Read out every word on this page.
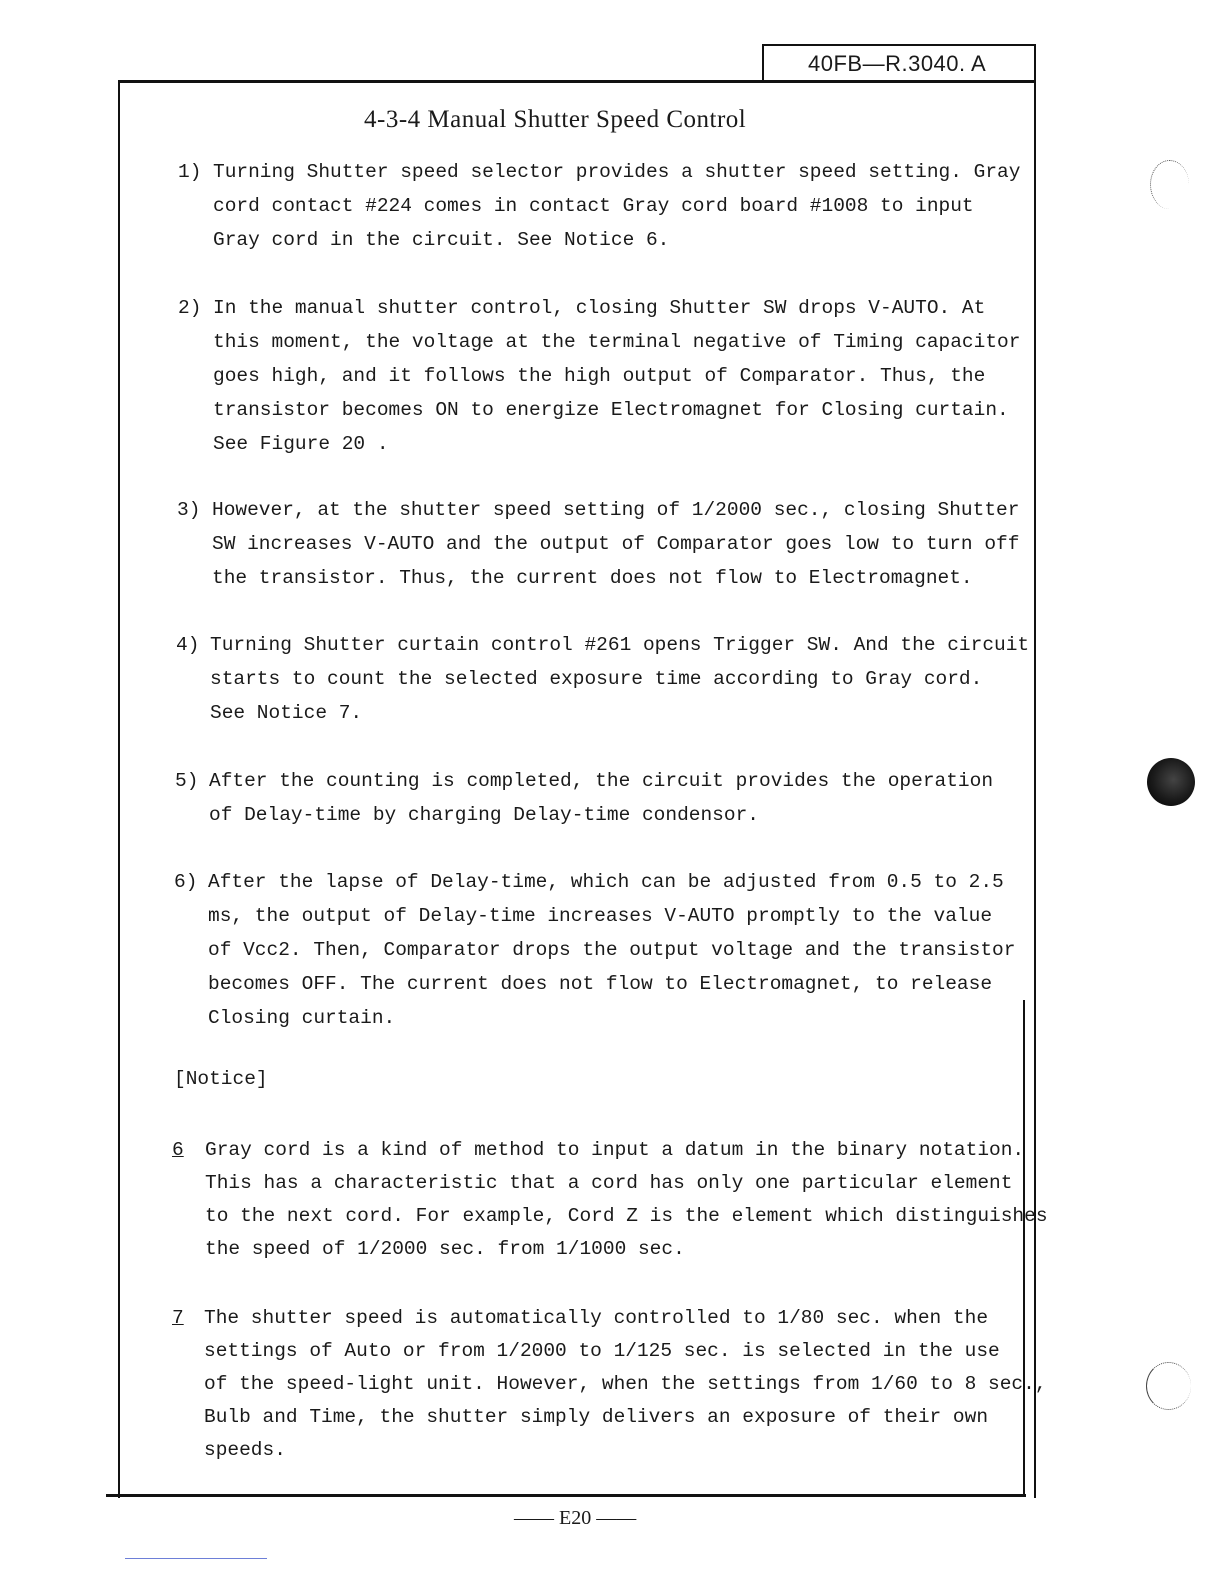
40FB—R.3040. A
4-3-4 Manual Shutter Speed Control
1) Turning Shutter speed selector provides a shutter speed setting. Gray
cord contact #224 comes in contact Gray cord board #1008 to input
Gray cord in the circuit. See Notice 6.
2) In the manual shutter control, closing Shutter SW drops V-AUTO. At
this moment, the voltage at the terminal negative of Timing capacitor
goes high, and it follows the high output of Comparator. Thus, the
transistor becomes ON to energize Electromagnet for Closing curtain.
See Figure 20 .
3) However, at the shutter speed setting of 1/2000 sec., closing Shutter
SW increases V-AUTO and the output of Comparator goes low to turn off
the transistor. Thus, the current does not flow to Electromagnet.
4) Turning Shutter curtain control #261 opens Trigger SW. And the circuit
starts to count the selected exposure time according to Gray cord.
See Notice 7.
5) After the counting is completed, the circuit provides the operation
of Delay-time by charging Delay-time condensor.
6) After the lapse of Delay-time, which can be adjusted from 0.5 to 2.5
ms, the output of Delay-time increases V-AUTO promptly to the value
of Vcc2. Then, Comparator drops the output voltage and the transistor
becomes OFF. The current does not flow to Electromagnet, to release
Closing curtain.
[Notice]
6 Gray cord is a kind of method to input a datum in the binary notation.
This has a characteristic that a cord has only one particular element
to the next cord. For example, Cord Z is the element which distinguishes
the speed of 1/2000 sec. from 1/1000 sec.
7 The shutter speed is automatically controlled to 1/80 sec. when the
settings of Auto or from 1/2000 to 1/125 sec. is selected in the use
of the speed-light unit. However, when the settings from 1/60 to 8 sec.,
Bulb and Time, the shutter simply delivers an exposure of their own
speeds.
—— E20 ——
